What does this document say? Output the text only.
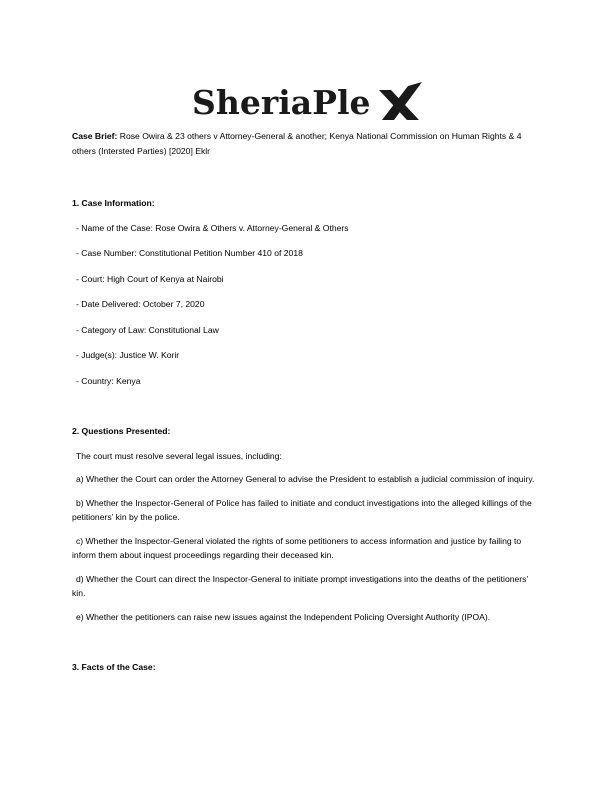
SheriaPle

Case Brief: Rose Owira & 23 others v Attorney-General & another; Kenya National Commission on Human Rights & 4 others (Intersted Parties) [2020] Eklr

1. Case Information:

- Name of the Case: Rose Owira & Others v. Attorney-General & Others
- Case Number: Constitutional Petition Number 410 of 2018
- Court: High Court of Kenya at Nairobi
- Date Delivered: October 7, 2020
- Category of Law: Constitutional Law
- Judge(s): Justice W. Korir
- Country: Kenya

2. Questions Presented:

The court must resolve several legal issues, including:

a) Whether the Court can order the Attorney General to advise the President to establish a judicial commission of inquiry.

b) Whether the Inspector-General of Police has failed to initiate and conduct investigations into the alleged killings of the petitioners’ kin by the police.

c) Whether the Inspector-General violated the rights of some petitioners to access information and justice by failing to inform them about inquest proceedings regarding their deceased kin.

d) Whether the Court can direct the Inspector-General to initiate prompt investigations into the deaths of the petitioners’ kin.

e) Whether the petitioners can raise new issues against the Independent Policing Oversight Authority (IPOA).

3. Facts of the Case:
